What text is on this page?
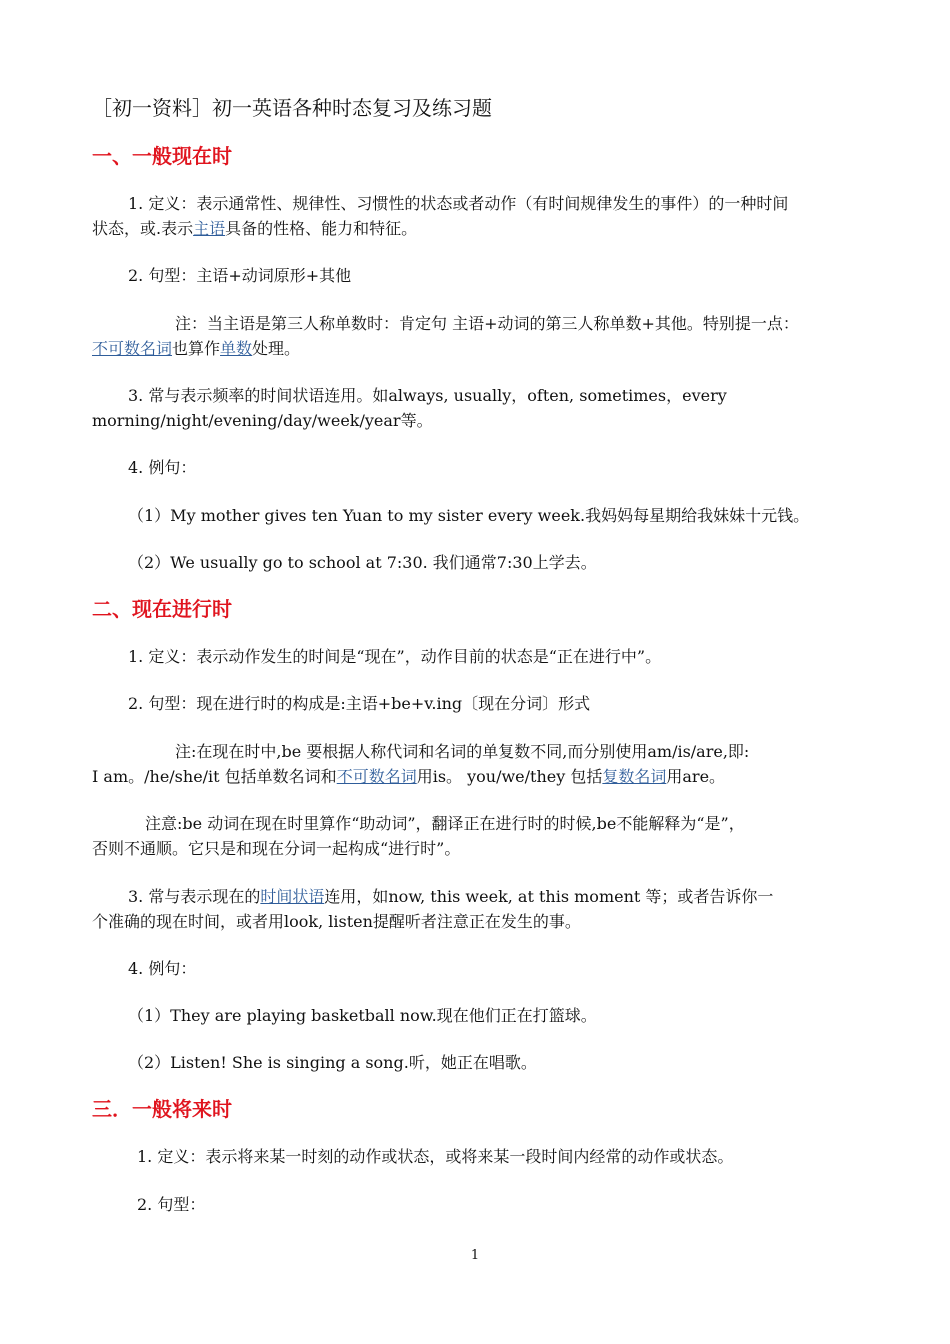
［初一资料］初一英语各种时态复习及练习题
一、一般现在时
1. 定义：表示通常性、规律性、习惯性的状态或者动作（有时间规律发生的事件）的一种时间
状态，或.表示主语具备的性格、能力和特征。
2. 句型：主语+动词原形+其他
注：当主语是第三人称单数时：肯定句 主语+动词的第三人称单数+其他。特别提一点：
不可数名词也算作单数处理。
3. 常与表示频率的时间状语连用。如always, usually，often, sometimes，every
morning/night/evening/day/week/year等。
4. 例句：
（1）My mother gives ten Yuan to my sister every week.我妈妈每星期给我妹妹十元钱。
（2）We usually go to school at 7:30. 我们通常7:30上学去。
二、现在进行时
1. 定义：表示动作发生的时间是“现在”，动作目前的状态是“正在进行中”。
2. 句型：现在进行时的构成是:主语+be+v.ing〔现在分词〕形式
注:在现在时中,be 要根据人称代词和名词的单复数不同,而分别使用am/is/are,即:
I am。/he/she/it 包括单数名词和不可数名词用is。 you/we/they 包括复数名词用are。
注意:be 动词在现在时里算作“助动词”，翻译正在进行时的时候,be不能解释为“是”，
否则不通顺。它只是和现在分词一起构成“进行时”。
3. 常与表示现在的时间状语连用，如now, this week, at this moment 等；或者告诉你一
个准确的现在时间，或者用look, listen提醒听者注意正在发生的事。
4. 例句：
（1）They are playing basketball now.现在他们正在打篮球。
（2）Listen! She is singing a song.听，她正在唱歌。
三．一般将来时
1. 定义：表示将来某一时刻的动作或状态，或将来某一段时间内经常的动作或状态。
2. 句型：
1
